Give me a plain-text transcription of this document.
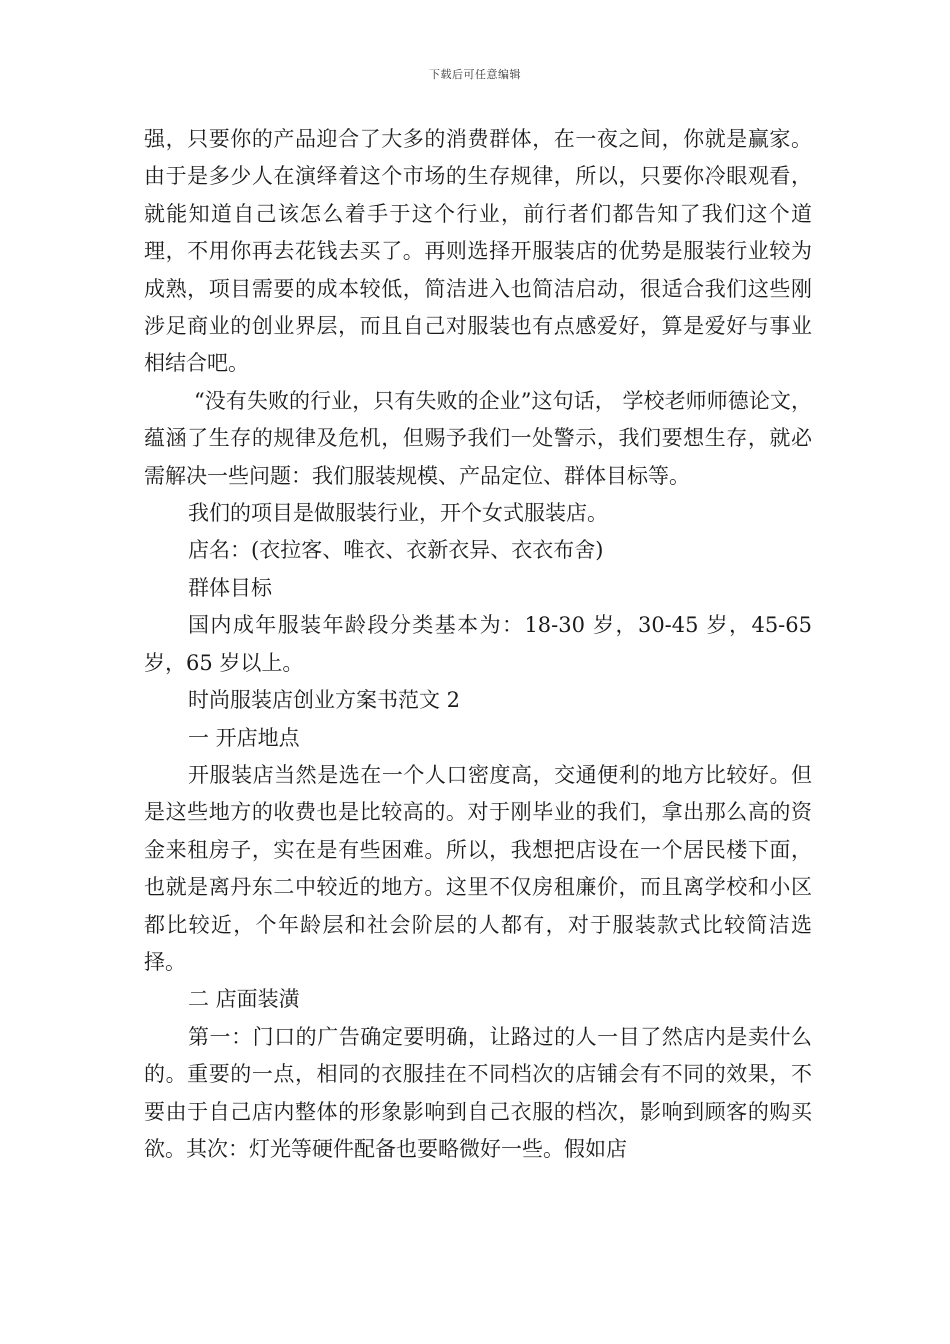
下载后可任意编辑

强，只要你的产品迎合了大多的消费群体，在一夜之间，你就是赢家。由于是多少人在演绎着这个市场的生存规律，所以，只要你冷眼观看，就能知道自己该怎么着手于这个行业，前行者们都告知了我们这个道理，不用你再去花钱去买了。再则选择开服装店的优势是服装行业较为成熟，项目需要的成本较低，简洁进入也简洁启动，很适合我们这些刚涉足商业的创业界层，而且自己对服装也有点感爱好，算是爱好与事业相结合吧。

“没有失败的行业，只有失败的企业”这句话， 学校老师师德论文，蕴涵了生存的规律及危机，但赐予我们一处警示，我们要想生存，就必需解决一些问题：我们服装规模、产品定位、群体目标等。

我们的项目是做服装行业，开个女式服装店。

店名：(衣拉客、唯衣、衣新衣异、衣衣布舍)

群体目标

国内成年服装年龄段分类基本为：18-30 岁，30-45 岁，45-65 岁，65 岁以上。

时尚服装店创业方案书范文 2

一 开店地点

开服装店当然是选在一个人口密度高，交通便利的地方比较好。但是这些地方的收费也是比较高的。对于刚毕业的我们，拿出那么高的资金来租房子，实在是有些困难。所以，我想把店设在一个居民楼下面，也就是离丹东二中较近的地方。这里不仅房租廉价，而且离学校和小区都比较近，个年龄层和社会阶层的人都有，对于服装款式比较简洁选择。

二 店面装潢

第一：门口的广告确定要明确，让路过的人一目了然店内是卖什么的。重要的一点，相同的衣服挂在不同档次的店铺会有不同的效果，不要由于自己店内整体的形象影响到自己衣服的档次，影响到顾客的购买欲。其次：灯光等硬件配备也要略微好一些。假如店
